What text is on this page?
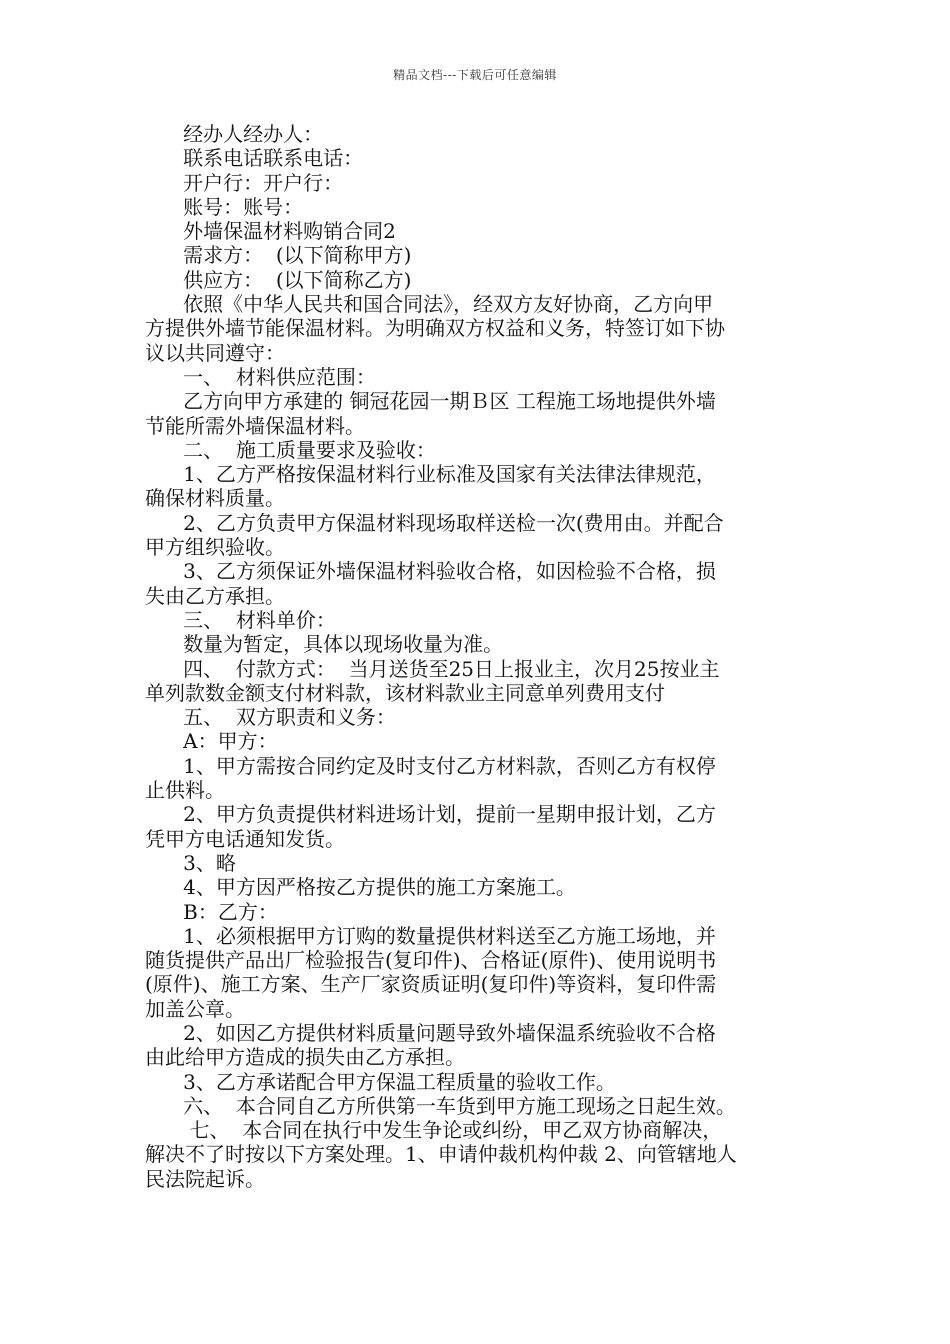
精品文档---下载后可任意编辑

经办人经办人：

联系电话联系电话：

开户行：开户行：

账号：账号：

外墙保温材料购销合同2

需求方：  (以下简称甲方)

供应方：  (以下简称乙方)

依照《中华人民共和国合同法》，经双方友好协商，乙方向甲

方提供外墙节能保温材料。为明确双方权益和义务，特签订如下协

议以共同遵守：

一、  材料供应范围：

乙方向甲方承建的 铜冠花园一期Ｂ区 工程施工场地提供外墙

节能所需外墙保温材料。

二、  施工质量要求及验收：

1、乙方严格按保温材料行业标准及国家有关法律法律规范，

确保材料质量。

2、乙方负责甲方保温材料现场取样送检一次(费用由。并配合

甲方组织验收。

3、乙方须保证外墙保温材料验收合格，如因检验不合格，损

失由乙方承担。

三、  材料单价：

数量为暂定，具体以现场收量为准。

四、  付款方式：  当月送货至25日上报业主，次月25按业主

单列款数金额支付材料款，该材料款业主同意单列费用支付

五、  双方职责和义务：

A：甲方：

1、甲方需按合同约定及时支付乙方材料款，否则乙方有权停

止供料。

2、甲方负责提供材料进场计划，提前一星期申报计划，乙方

凭甲方电话通知发货。

3、略

4、甲方因严格按乙方提供的施工方案施工。

B：乙方：

1、必须根据甲方订购的数量提供材料送至乙方施工场地，并

随货提供产品出厂检验报告(复印件)、合格证(原件)、使用说明书

(原件)、施工方案、生产厂家资质证明(复印件)等资料，复印件需

加盖公章。

2、如因乙方提供材料质量问题导致外墙保温系统验收不合格

由此给甲方造成的损失由乙方承担。

3、乙方承诺配合甲方保温工程质量的验收工作。

六、  本合同自乙方所供第一车货到甲方施工现场之日起生效。

七、  本合同在执行中发生争论或纠纷，甲乙双方协商解决，

解决不了时按以下方案处理。1、申请仲裁机构仲裁 2、向管辖地人

民法院起诉。
